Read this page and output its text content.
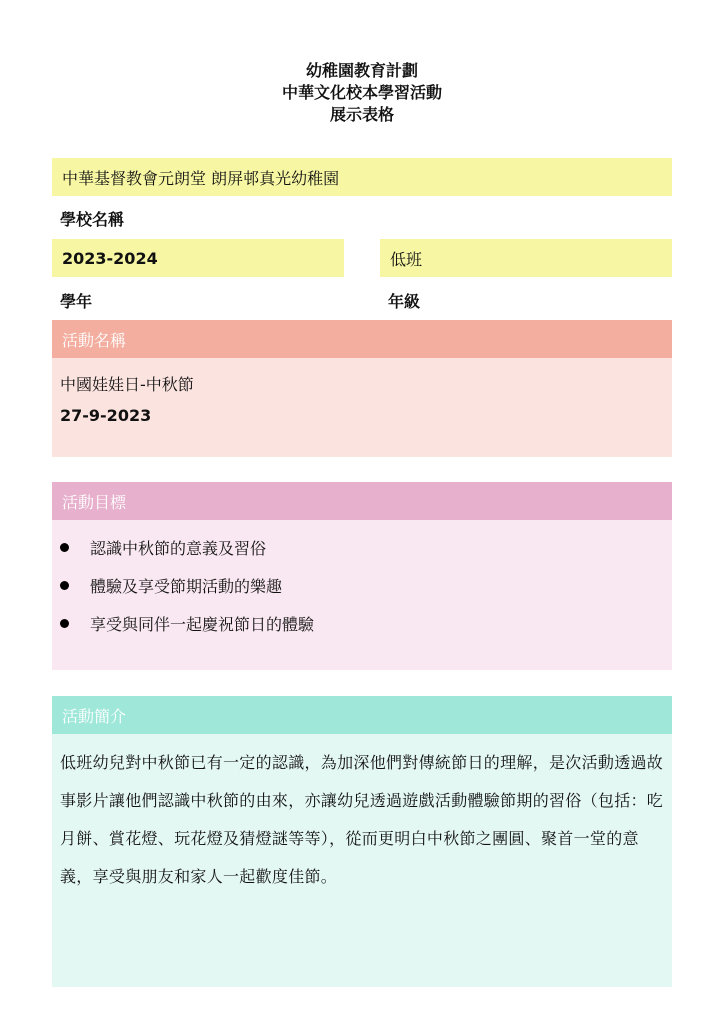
幼稚園教育計劃
中華文化校本學習活動
展示表格
中華基督教會元朗堂 朗屏邨真光幼稚園
學校名稱
2023-2024	低班
學年	年級
活動名稱
中國娃娃日-中秋節
27-9-2023
活動目標
認識中秋節的意義及習俗
體驗及享受節期活動的樂趣
享受與同伴一起慶祝節日的體驗
活動簡介
低班幼兒對中秋節已有一定的認識，為加深他們對傳統節日的理解，是次活動透過故事影片讓他們認識中秋節的由來，亦讓幼兒透過遊戲活動體驗節期的習俗（包括：吃月餅、賞花燈、玩花燈及猜燈謎等等），從而更明白中秋節之團圓、聚首一堂的意義，享受與朋友和家人一起歡度佳節。
